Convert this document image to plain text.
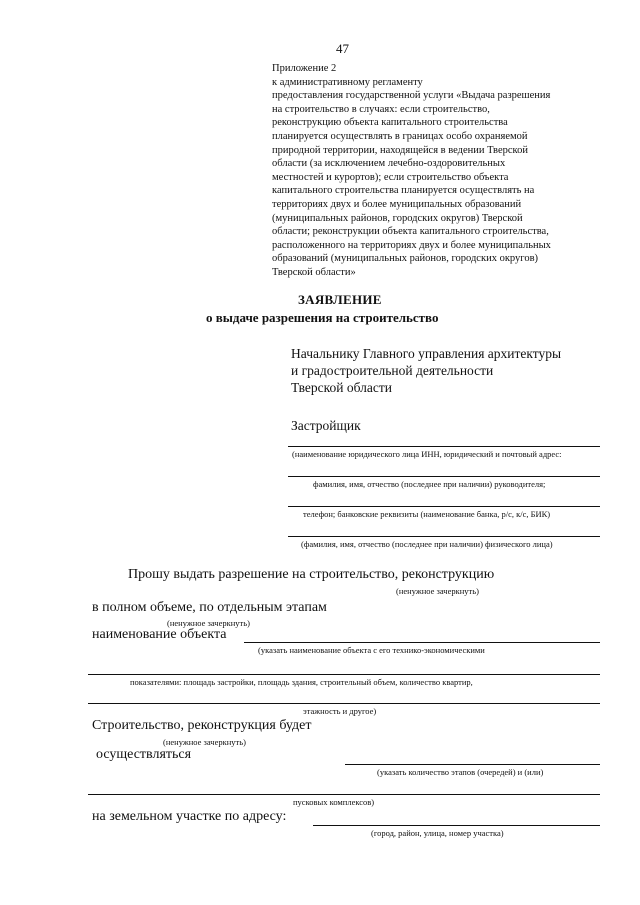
47
Приложение 2
к административному регламенту
предоставления государственной услуги «Выдача разрешения
на строительство в случаях: если строительство,
реконструкцию объекта капитального строительства
планируется осуществлять в границах особо охраняемой
природной территории, находящейся в ведении Тверской
области (за исключением лечебно-оздоровительных
местностей и курортов); если строительство объекта
капитального строительства планируется осуществлять на
территориях двух и более муниципальных образований
(муниципальных районов, городских округов) Тверской
области; реконструкции объекта капитального строительства,
расположенного на территориях двух и более муниципальных
образований (муниципальных районов, городских округов)
Тверской области»
ЗАЯВЛЕНИЕ
о выдаче разрешения на строительство
Начальнику Главного управления архитектуры
и градостроительной деятельности
Тверской области
Застройщик
(наименование юридического лица ИНН, юридический и почтовый адрес:
фамилия, имя, отчество (последнее при наличии) руководителя;
телефон; банковские реквизиты (наименование банка, р/с, к/с, БИК)
(фамилия, имя, отчество (последнее при наличии) физического лица)
Прошу выдать разрешение на строительство, реконструкцию
(ненужное зачеркнуть)
в полном объеме, по отдельным этапам
(ненужное зачеркнуть)
наименование объекта
(указать наименование объекта с его технико-экономическими
показателями: площадь застройки, площадь здания, строительный объем, количество квартир,
этажность и другое)
Строительство, реконструкция будет
(ненужное зачеркнуть)
осуществляться
(указать количество этапов (очередей) и (или)
пусковых комплексов)
на земельном участке по адресу:
(город, район, улица, номер участка)
